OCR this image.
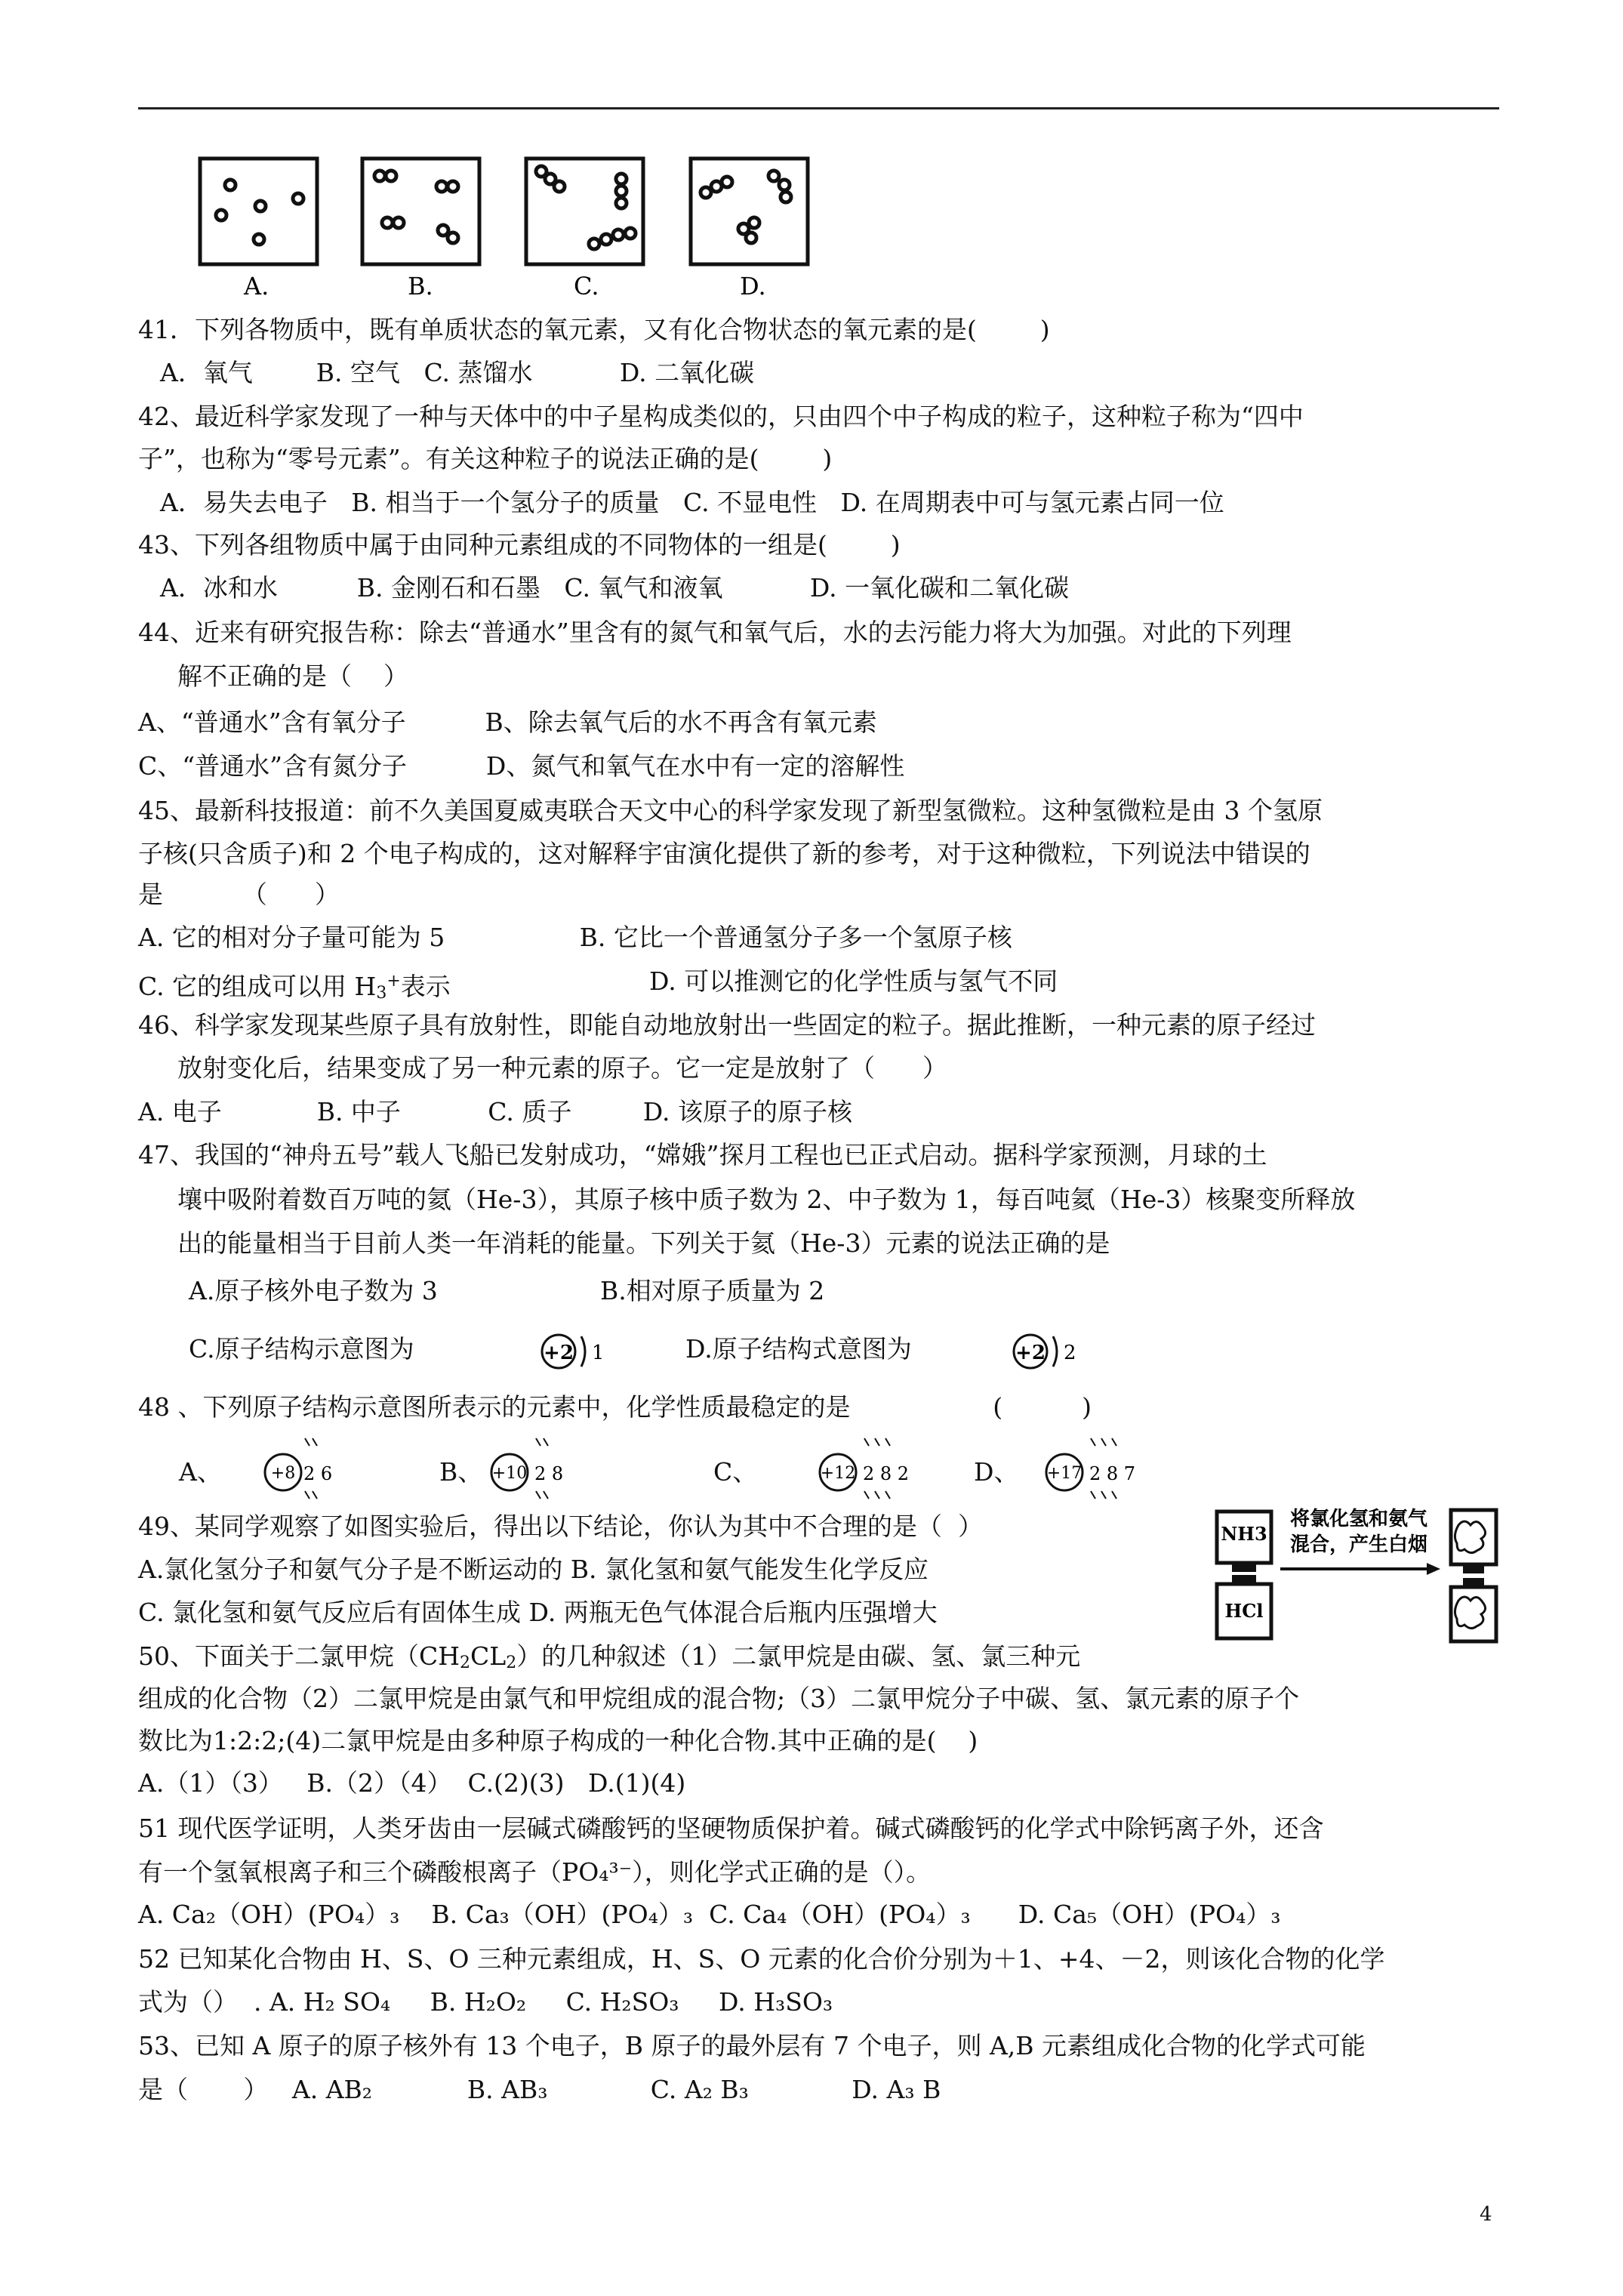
A.	B.	C.	D.
41．下列各物质中，既有单质状态的氧元素，又有化合物状态的氧元素的是(        )
A．氧气        B. 空气   C. 蒸馏水           D. 二氧化碳
42、最近科学家发现了一种与天体中的中子星构成类似的，只由四个中子构成的粒子，这种粒子称为“四中
子”，也称为“零号元素”。有关这种粒子的说法正确的是(        )
A．易失去电子   B. 相当于一个氢分子的质量   C. 不显电性   D. 在周期表中可与氢元素占同一位
43、下列各组物质中属于由同种元素组成的不同物体的一组是(        )
A．冰和水          B. 金刚石和石墨   C. 氧气和液氧           D. 一氧化碳和二氧化碳
44、近来有研究报告称：除去“普通水”里含有的氮气和氧气后，水的去污能力将大为加强。对此的下列理
解不正确的是（    ）
A、“普通水”含有氧分子          B、除去氧气后的水不再含有氧元素
C、“普通水”含有氮分子          D、氮气和氧气在水中有一定的溶解性
45、最新科技报道：前不久美国夏威夷联合天文中心的科学家发现了新型氢微粒。这种氢微粒是由 3 个氢原
子核(只含质子)和 2 个电子构成的，这对解释宇宙演化提供了新的参考，对于这种微粒，下列说法中错误的
是          （      ）
A. 它的相对分子量可能为 5                 B. 它比一个普通氢分子多一个氢原子核
C. 它的组成可以用 H3+表示	D. 可以推测它的化学性质与氢气不同
46、科学家发现某些原子具有放射性，即能自动地放射出一些固定的粒子。据此推断，一种元素的原子经过
放射变化后，结果变成了另一种元素的原子。它一定是放射了（      ）
A. 电子            B. 中子           C. 质子         D. 该原子的原子核
47、我国的“神舟五号”载人飞船已发射成功，“嫦娥”探月工程也已正式启动。据科学家预测，月球的土
壤中吸附着数百万吨的氦（He-3），其原子核中质子数为 2、中子数为 1，每百吨氦（He-3）核聚变所释放
出的能量相当于目前人类一年消耗的能量。下列关于氦（He-3）元素的说法正确的是
A.原子核外电子数为 3	B.相对原子质量为 2
C.原子结构示意图为	D.原子结构式意图为
+2 1	+2 2
48 、下列原子结构示意图所表示的元素中，化学性质最稳定的是                  (          )
A、	B、	C、	D、
+8 2 6	+10 2 8	+12 2 8 2	+17 2 8 7
49、某同学观察了如图实验后，得出以下结论，你认为其中不合理的是（  ）
A.氯化氢分子和氨气分子是不断运动的 B. 氯化氢和氨气能发生化学反应
C. 氯化氢和氨气反应后有固体生成 D. 两瓶无色气体混合后瓶内压强增大
NH3
HCl
将氯化氢和氨气
混合，产生白烟
50、下面关于二氯甲烷（CH2CL2）的几种叙述（1）二氯甲烷是由碳、氢、氯三种元
组成的化合物（2）二氯甲烷是由氯气和甲烷组成的混合物;（3）二氯甲烷分子中碳、氢、氯元素的原子个
数比为1:2:2;(4)二氯甲烷是由多种原子构成的一种化合物.其中正确的是(    )
A.（1）（3）   B.（2）（4）  C.(2)(3)   D.(1)(4)
51 现代医学证明，人类牙齿由一层碱式磷酸钙的坚硬物质保护着。碱式磷酸钙的化学式中除钙离子外，还含
有一个氢氧根离子和三个磷酸根离子（PO₄³⁻），则化学式正确的是（）。
A. Ca₂（OH）(PO₄）₃    B. Ca₃（OH）(PO₄）₃  C. Ca₄（OH）(PO₄）₃      D. Ca₅（OH）(PO₄）₃
52 已知某化合物由 H、S、O 三种元素组成，H、S、O 元素的化合价分别为＋1、+4、－2，则该化合物的化学
式为（）  . A. H₂ SO₄     B. H₂O₂     C. H₂SO₃     D. H₃SO₃
53、已知 A 原子的原子核外有 13 个电子，B 原子的最外层有 7 个电子，则 A,B 元素组成化合物的化学式可能
是（       ）   A. AB₂            B. AB₃             C. A₂ B₃             D. A₃ B
4
